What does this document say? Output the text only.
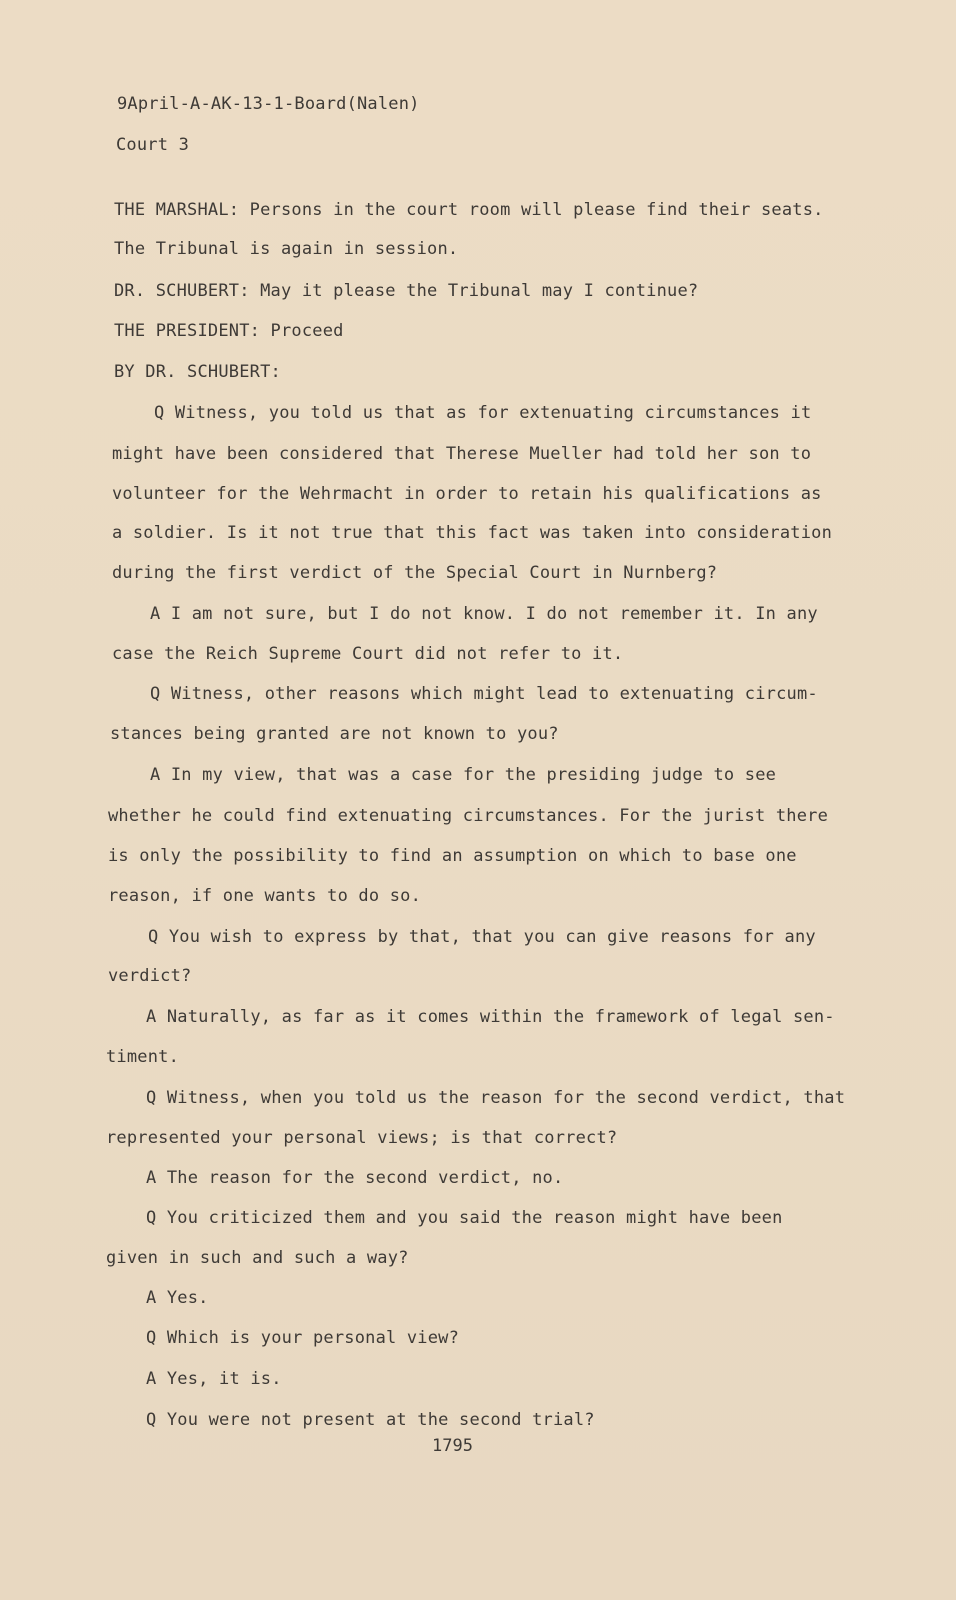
9April-A-AK-13-1-Board(Nalen)
Court 3
THE MARSHAL: Persons in the court room will please find their seats.
The Tribunal is again in session.
DR. SCHUBERT: May it please the Tribunal may I continue?
THE PRESIDENT: Proceed
BY DR. SCHUBERT:
Q Witness, you told us that as for extenuating circumstances it
might have been considered that Therese Mueller had told her son to
volunteer for the Wehrmacht in order to retain his qualifications as
a soldier. Is it not true that this fact was taken into consideration
during the first verdict of the Special Court in Nurnberg?
A I am not sure, but I do not know. I do not remember it. In any
case the Reich Supreme Court did not refer to it.
Q Witness, other reasons which might lead to extenuating circum-
stances being granted are not known to you?
A In my view, that was a case for the presiding judge to see
whether he could find extenuating circumstances. For the jurist there
is only the possibility to find an assumption on which to base one
reason, if one wants to do so.
Q You wish to express by that, that you can give reasons for any
verdict?
A Naturally, as far as it comes within the framework of legal sen-
timent.
Q Witness, when you told us the reason for the second verdict, that
represented your personal views; is that correct?
A The reason for the second verdict, no.
Q You criticized them and you said the reason might have been
given in such and such a way?
A Yes.
Q Which is your personal view?
A Yes, it is.
Q You were not present at the second trial?
1795
